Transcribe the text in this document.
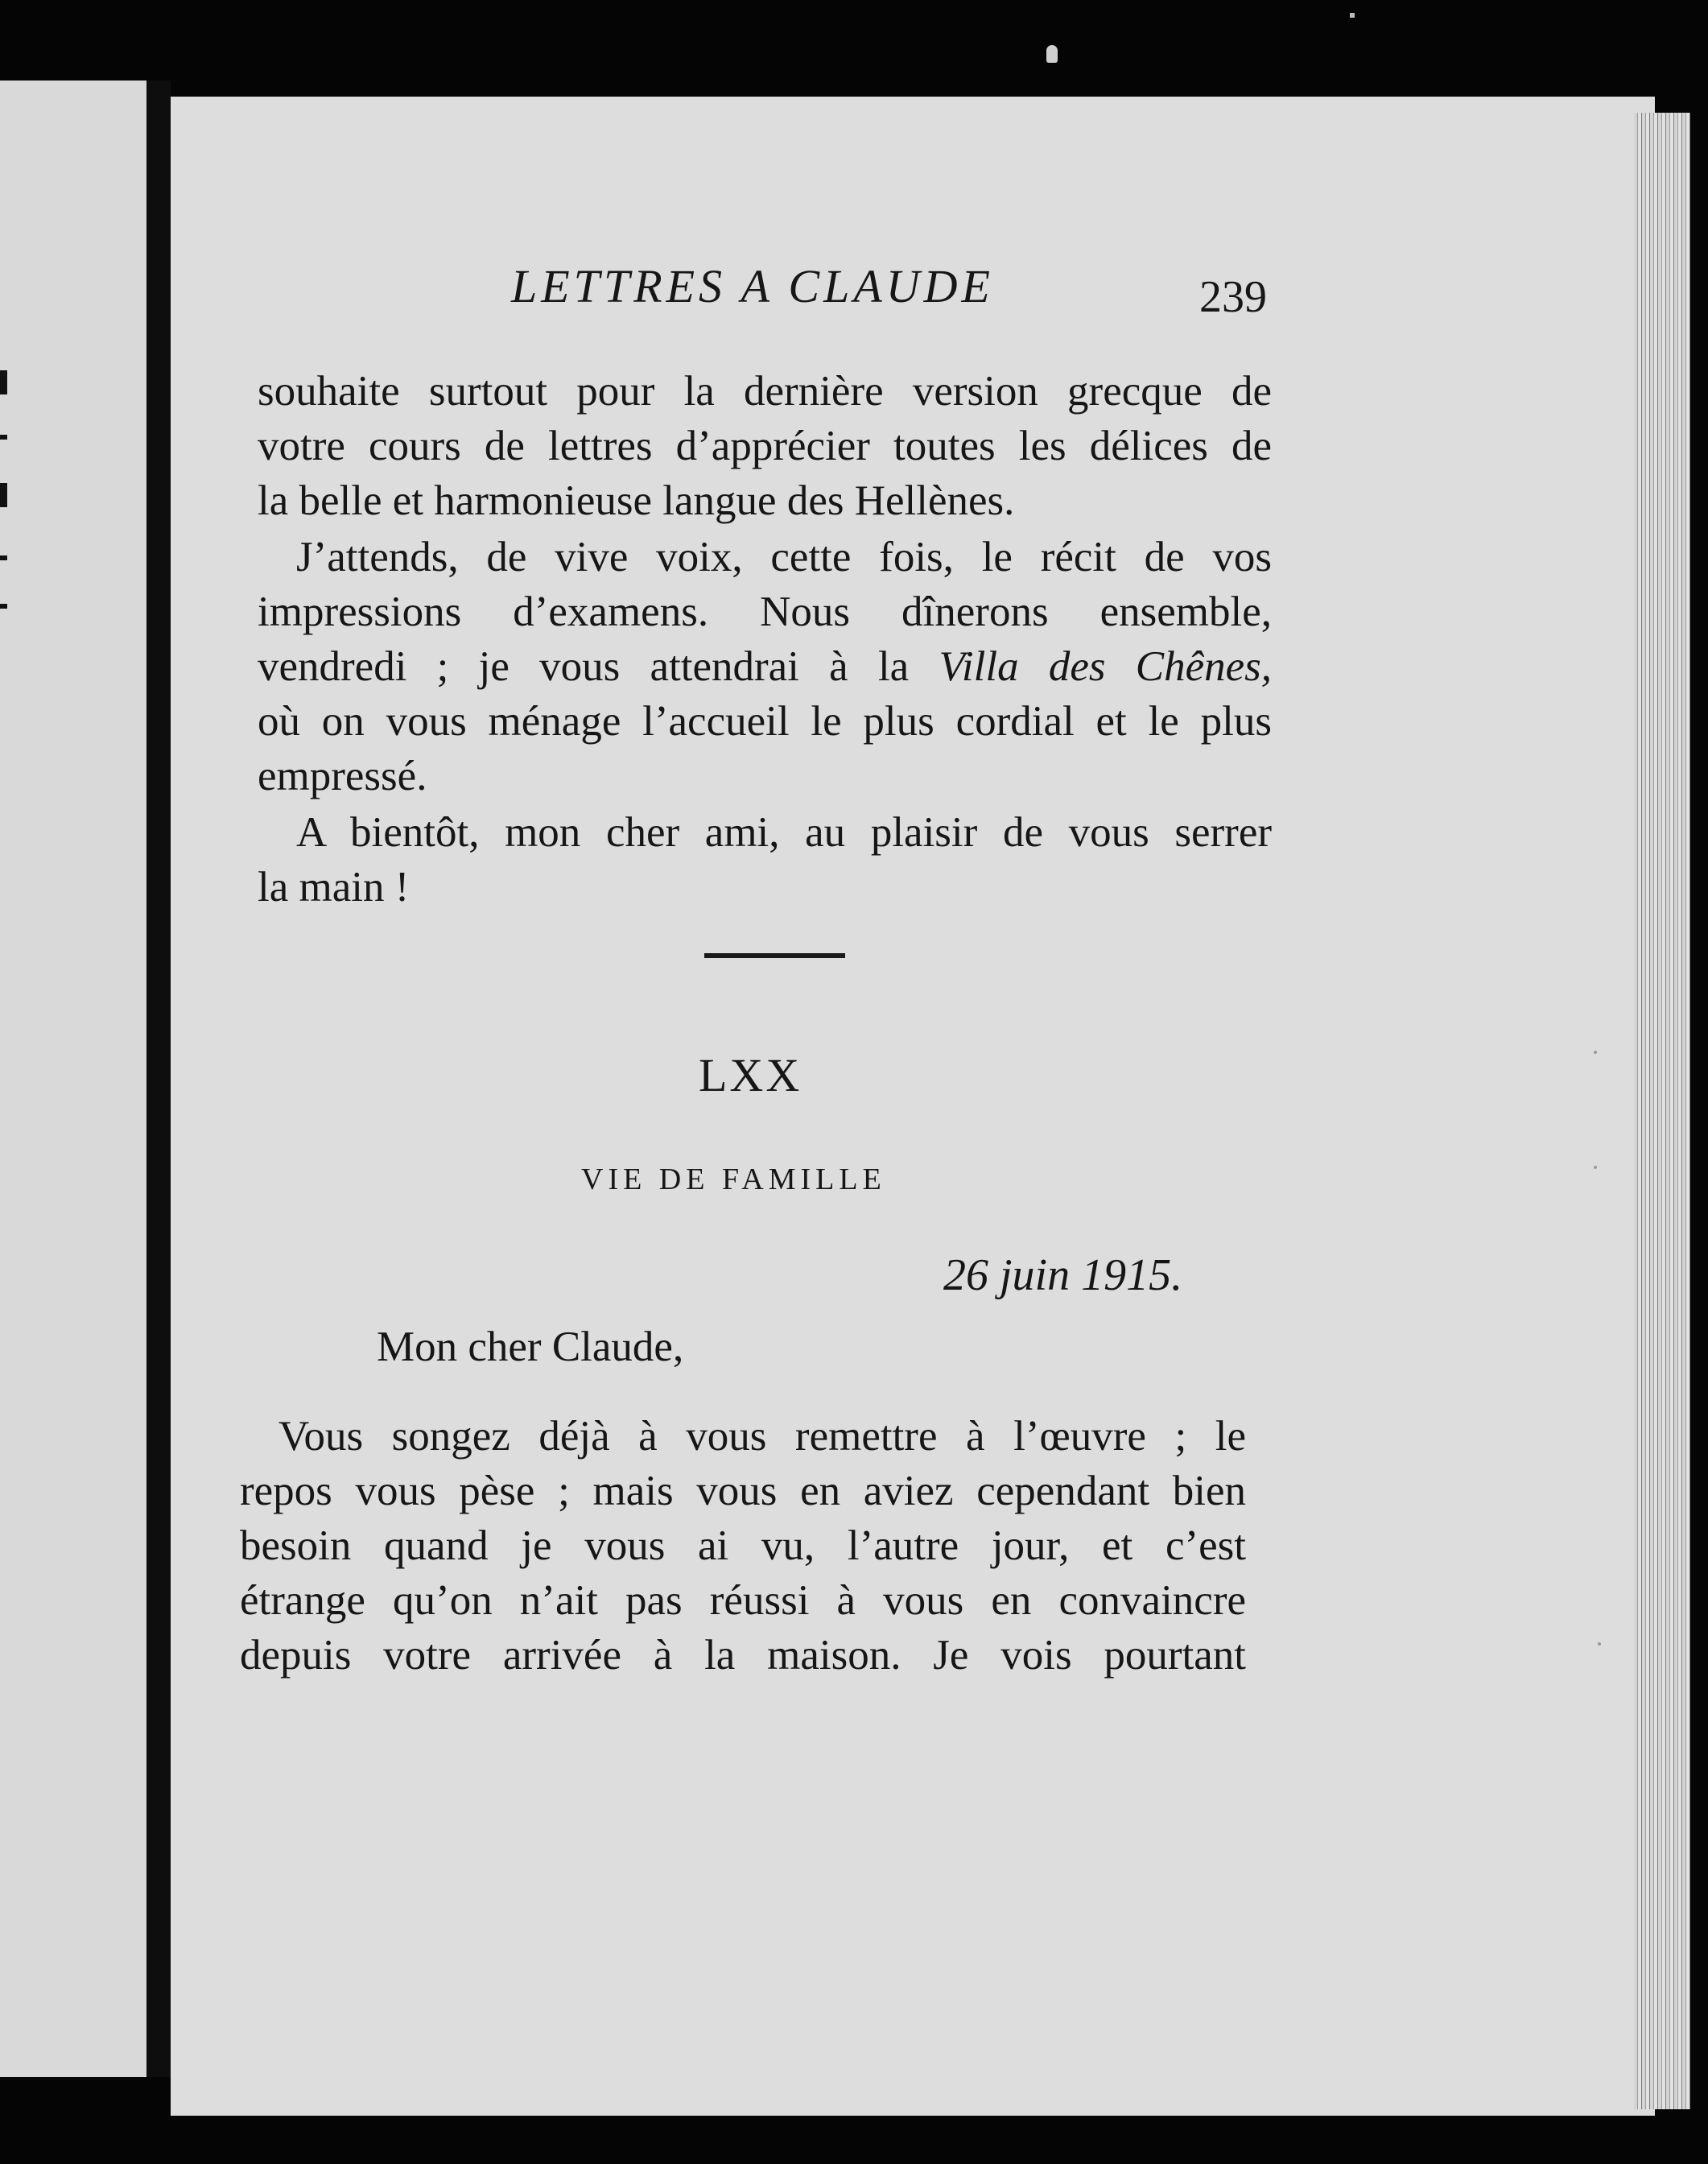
LETTRES A CLAUDE	239
souhaite surtout pour la dernière version grecque de
votre cours de lettres d’apprécier toutes les délices de
la belle et harmonieuse langue des Hellènes.
J’attends, de vive voix, cette fois, le récit de vos
impressions d’examens. Nous dînerons ensemble,
vendredi ; je vous attendrai à la Villa des Chênes,
où on vous ménage l’accueil le plus cordial et le plus
empressé.
A bientôt, mon cher ami, au plaisir de vous serrer
la main !
LXX
VIE DE FAMILLE
26 juin 1915.
Mon cher Claude,
Vous songez déjà à vous remettre à l’œuvre ; le
repos vous pèse ; mais vous en aviez cependant bien
besoin quand je vous ai vu, l’autre jour, et c’est
étrange qu’on n’ait pas réussi à vous en convaincre
depuis votre arrivée à la maison. Je vois pourtant
